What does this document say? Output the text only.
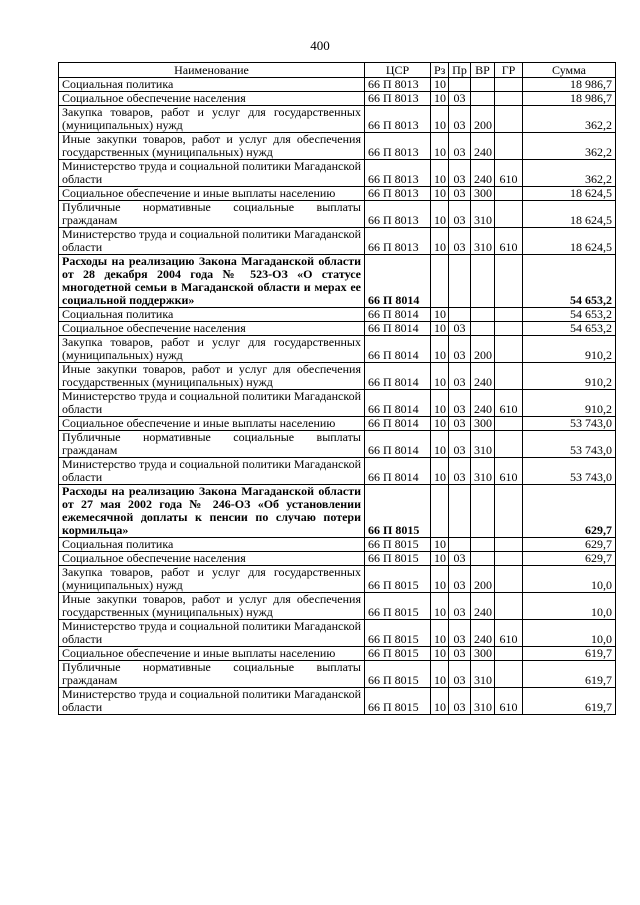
400
Наименование	ЦСР	Рз	Пр	ВР	ГР	Сумма
Социальная политика	66 П 8013	10				18 986,7
Социальное обеспечение населения	66 П 8013	10	03			18 986,7
Закупка товаров, работ и услуг для государственных (муниципальных) нужд	66 П 8013	10	03	200		362,2
Иные закупки товаров, работ и услуг для обеспечения государственных (муниципальных) нужд	66 П 8013	10	03	240		362,2
Министерство труда и социальной политики Магаданской области	66 П 8013	10	03	240	610	362,2
Социальное обеспечение и иные выплаты населению	66 П 8013	10	03	300		18 624,5
Публичные нормативные социальные выплаты гражданам	66 П 8013	10	03	310		18 624,5
Министерство труда и социальной политики Магаданской области	66 П 8013	10	03	310	610	18 624,5
Расходы на реализацию Закона Магаданской области от 28 декабря 2004 года № 523-ОЗ «О статусе многодетной семьи в Магаданской области и мерах ее социальной поддержки»	66 П 8014					54 653,2
Социальная политика	66 П 8014	10				54 653,2
Социальное обеспечение населения	66 П 8014	10	03			54 653,2
Закупка товаров, работ и услуг для государственных (муниципальных) нужд	66 П 8014	10	03	200		910,2
Иные закупки товаров, работ и услуг для обеспечения государственных (муниципальных) нужд	66 П 8014	10	03	240		910,2
Министерство труда и социальной политики Магаданской области	66 П 8014	10	03	240	610	910,2
Социальное обеспечение и иные выплаты населению	66 П 8014	10	03	300		53 743,0
Публичные нормативные социальные выплаты гражданам	66 П 8014	10	03	310		53 743,0
Министерство труда и социальной политики Магаданской области	66 П 8014	10	03	310	610	53 743,0
Расходы на реализацию Закона Магаданской области от 27 мая 2002 года № 246-ОЗ «Об установлении ежемесячной доплаты к пенсии по случаю потери кормильца»	66 П 8015					629,7
Социальная политика	66 П 8015	10				629,7
Социальное обеспечение населения	66 П 8015	10	03			629,7
Закупка товаров, работ и услуг для государственных (муниципальных) нужд	66 П 8015	10	03	200		10,0
Иные закупки товаров, работ и услуг для обеспечения государственных (муниципальных) нужд	66 П 8015	10	03	240		10,0
Министерство труда и социальной политики Магаданской области	66 П 8015	10	03	240	610	10,0
Социальное обеспечение и иные выплаты населению	66 П 8015	10	03	300		619,7
Публичные нормативные социальные выплаты гражданам	66 П 8015	10	03	310		619,7
Министерство труда и социальной политики Магаданской области	66 П 8015	10	03	310	610	619,7
